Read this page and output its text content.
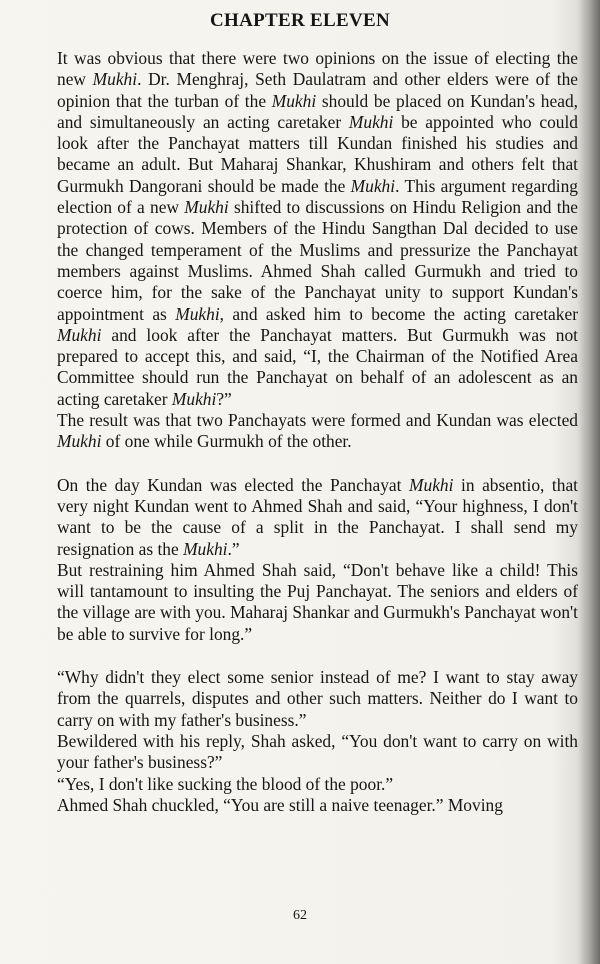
CHAPTER ELEVEN

It was obvious that there were two opinions on the issue of electing the new Mukhi. Dr. Menghraj, Seth Daulatram and other elders were of the opinion that the turban of the Mukhi should be placed on Kundan's head, and simultaneously an acting caretaker Mukhi be appointed who could look after the Panchayat matters till Kundan finished his studies and became an adult. But Maharaj Shankar, Khushiram and others felt that Gurmukh Dangorani should be made the Mukhi. This argument regarding election of a new Mukhi shifted to discussions on Hindu Religion and the protection of cows. Members of the Hindu Sangthan Dal decided to use the changed temperament of the Muslims and pressurize the Panchayat members against Muslims. Ahmed Shah called Gurmukh and tried to coerce him, for the sake of the Panchayat unity to support Kundan's appointment as Mukhi, and asked him to become the acting caretaker Mukhi and look after the Panchayat matters. But Gurmukh was not prepared to accept this, and said, “I, the Chairman of the Notified Area Committee should run the Panchayat on behalf of an adolescent as an acting caretaker Mukhi?”

The result was that two Panchayats were formed and Kundan was elected Mukhi of one while Gurmukh of the other.

On the day Kundan was elected the Panchayat Mukhi in absentio, that very night Kundan went to Ahmed Shah and said, “Your highness, I don't want to be the cause of a split in the Panchayat. I shall send my resignation as the Mukhi.”

But restraining him Ahmed Shah said, “Don't behave like a child! This will tantamount to insulting the Puj Panchayat. The seniors and elders of the village are with you. Maharaj Shankar and Gurmukh's Panchayat won't be able to survive for long.”

“Why didn't they elect some senior instead of me? I want to stay away from the quarrels, disputes and other such matters. Neither do I want to carry on with my father's business.”

Bewildered with his reply, Shah asked, “You don't want to carry on with your father's business?”

“Yes, I don't like sucking the blood of the poor.”

Ahmed Shah chuckled, “You are still a naive teenager.” Moving

62
